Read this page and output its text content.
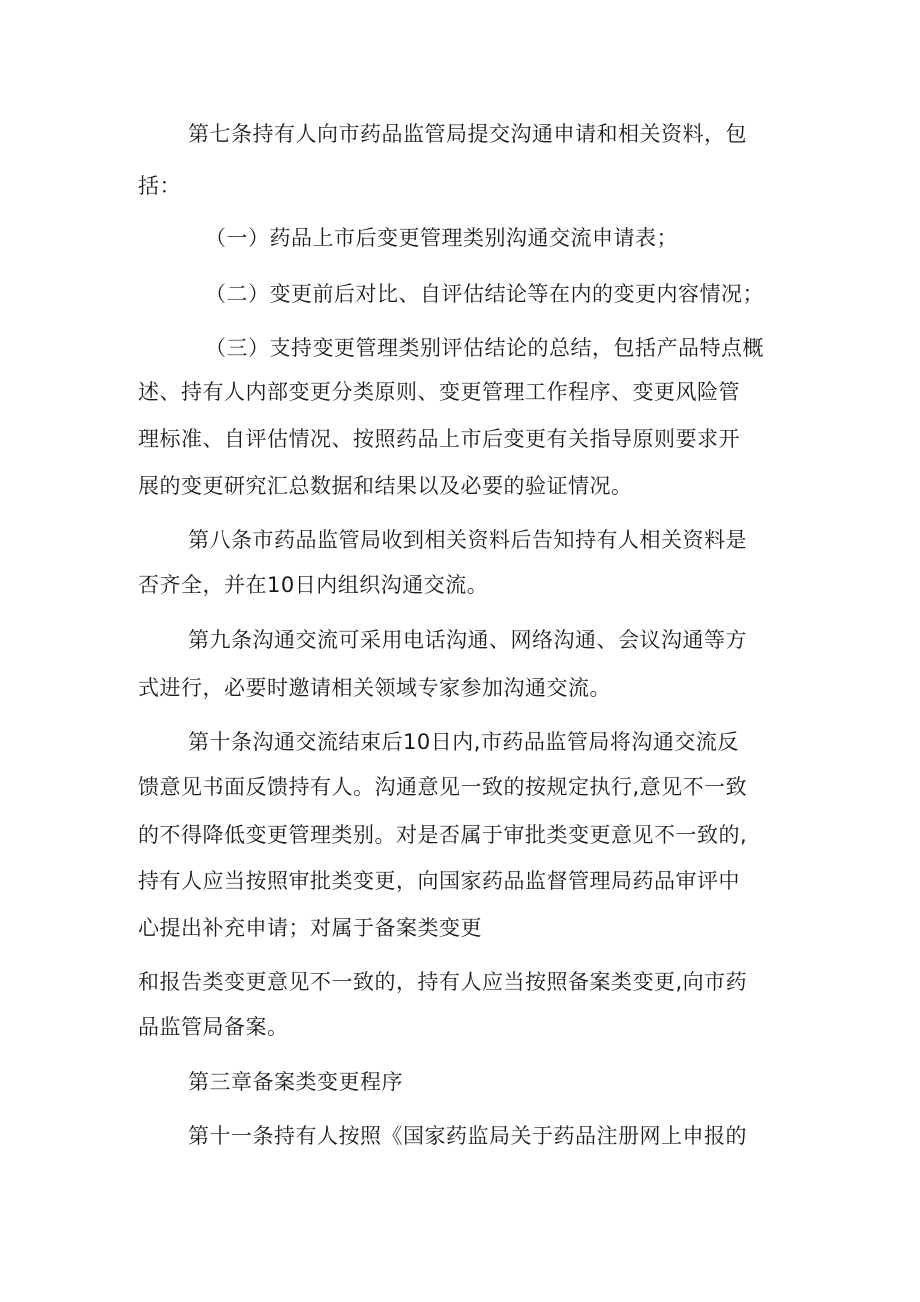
第七条持有人向市药品监管局提交沟通申请和相关资料，包
括：
（一）药品上市后变更管理类别沟通交流申请表；
（二）变更前后对比、自评估结论等在内的变更内容情况；
（三）支持变更管理类别评估结论的总结，包括产品特点概
述、持有人内部变更分类原则、变更管理工作程序、变更风险管
理标准、自评估情况、按照药品上市后变更有关指导原则要求开
展的变更研究汇总数据和结果以及必要的验证情况。
第八条市药品监管局收到相关资料后告知持有人相关资料是
否齐全，并在10日内组织沟通交流。
第九条沟通交流可采用电话沟通、网络沟通、会议沟通等方
式进行，必要时邀请相关领域专家参加沟通交流。
第十条沟通交流结束后10日内,市药品监管局将沟通交流反
馈意见书面反馈持有人。沟通意见一致的按规定执行,意见不一致
的不得降低变更管理类别。对是否属于审批类变更意见不一致的,
持有人应当按照审批类变更，向国家药品监督管理局药品审评中
心提出补充申请；对属于备案类变更
和报告类变更意见不一致的，持有人应当按照备案类变更,向市药
品监管局备案。
第三章备案类变更程序
第十一条持有人按照《国家药监局关于药品注册网上申报的
